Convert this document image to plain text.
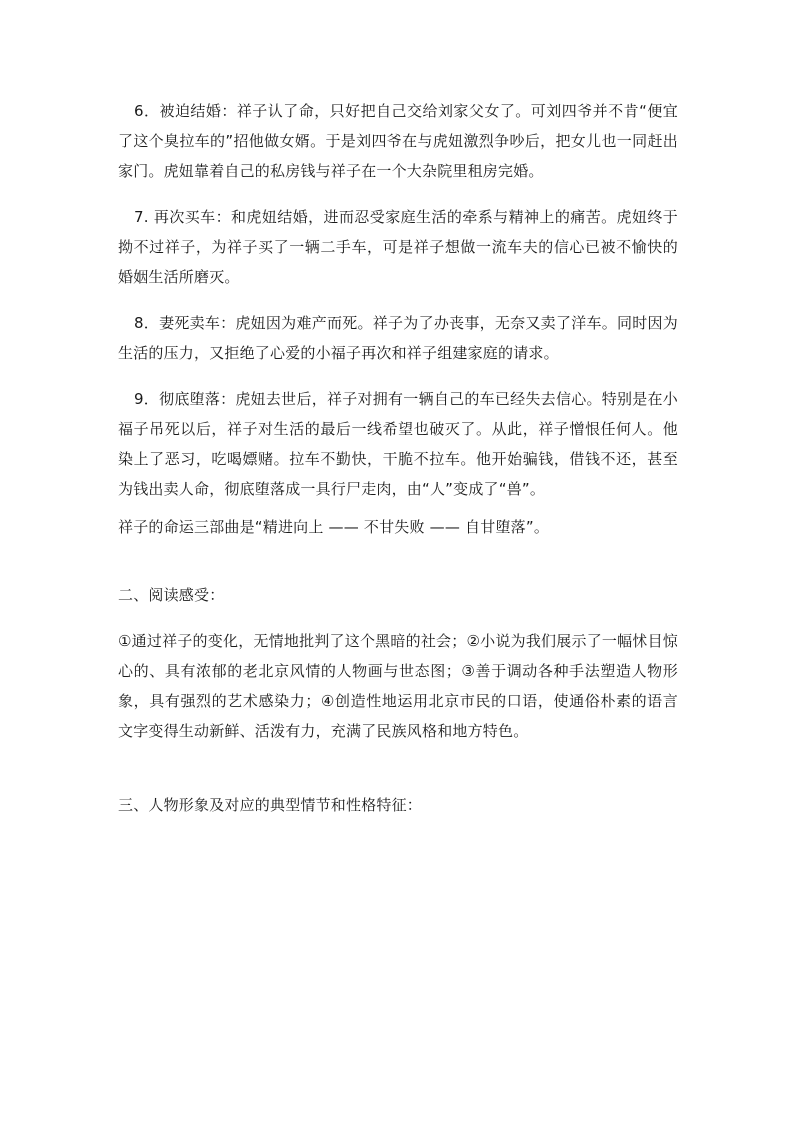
6．被迫结婚：祥子认了命，只好把自己交给刘家父女了。可刘四爷并不肯“便宜了这个臭拉车的”招他做女婿。于是刘四爷在与虎妞激烈争吵后，把女儿也一同赶出家门。虎妞靠着自己的私房钱与祥子在一个大杂院里租房完婚。

7. 再次买车：和虎妞结婚，进而忍受家庭生活的牵系与精神上的痛苦。虎妞终于拗不过祥子，为祥子买了一辆二手车，可是祥子想做一流车夫的信心已被不愉快的婚姻生活所磨灭。

8．妻死卖车：虎妞因为难产而死。祥子为了办丧事，无奈又卖了洋车。同时因为生活的压力，又拒绝了心爱的小福子再次和祥子组建家庭的请求。

9．彻底堕落：虎妞去世后，祥子对拥有一辆自己的车已经失去信心。特别是在小福子吊死以后，祥子对生活的最后一线希望也破灭了。从此，祥子憎恨任何人。他染上了恶习，吃喝嫖赌。拉车不勤快，干脆不拉车。他开始骗钱，借钱不还，甚至为钱出卖人命，彻底堕落成一具行尸走肉，由“人”变成了“兽”。

祥子的命运三部曲是“精进向上 —— 不甘失败 —— 自甘堕落”。

二、阅读感受：

①通过祥子的变化，无情地批判了这个黑暗的社会；②小说为我们展示了一幅怵目惊心的、具有浓郁的老北京风情的人物画与世态图；③善于调动各种手法塑造人物形象，具有强烈的艺术感染力；④创造性地运用北京市民的口语，使通俗朴素的语言文字变得生动新鲜、活泼有力，充满了民族风格和地方特色。

三、人物形象及对应的典型情节和性格特征：
